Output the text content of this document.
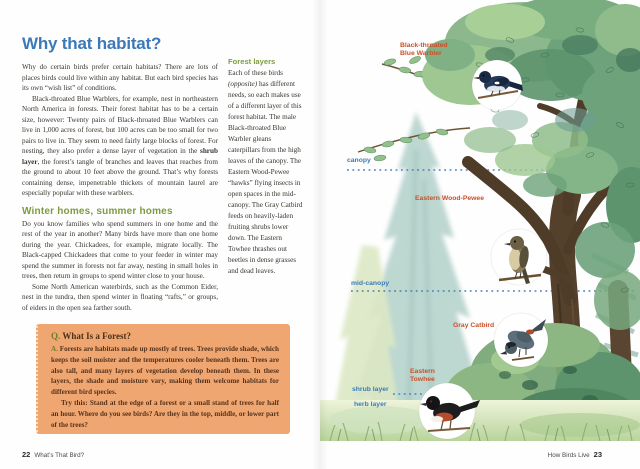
Why that habitat?

Why do certain birds prefer certain habitats? There are lots of places birds could live within any habitat. But each bird species has its own “wish list” of conditions.

Black-throated Blue Warblers, for example, nest in northeastern North America in forests. Their forest habitat has to be a certain size, however: Twenty pairs of Black-throated Blue Warblers can live in 1,000 acres of forest, but 100 acres can be too small for two pairs to live in. They seem to need fairly large blocks of forest. For nesting, they also prefer a dense layer of vegetation in the shrub layer, the forest’s tangle of branches and leaves that reaches from the ground to about 10 feet above the ground. That’s why forests containing dense, impenetrable thickets of mountain laurel are especially popular with these warblers.

Winter homes, summer homes

Do you know families who spend summers in one home and the rest of the year in another? Many birds have more than one home during the year. Chickadees, for example, migrate locally. The Black-capped Chickadees that come to your feeder in winter may spend the summer in forests not far away, nesting in small holes in trees, then return in groups to spend winter close to your house.

Some North American waterbirds, such as the Common Eider, nest in the tundra, then spend winter in floating “rafts,” or groups, of eiders in the open sea farther south.

Forest layers

Each of these birds (opposite) has different needs, so each makes use of a different layer of this forest habitat. The male Black-throated Blue Warbler gleans caterpillars from the high leaves of the canopy. The Eastern Wood-Pewee “hawks” flying insects in open spaces in the mid-canopy. The Gray Catbird feeds on heavily-laden fruiting shrubs lower down. The Eastern Towhee thrashes out beetles in dense grasses and dead leaves.

Q. What Is a Forest?

A. Forests are habitats made up mostly of trees. Trees provide shade, which keeps the soil moister and the temperatures cooler beneath them. Trees are also tall, and many layers of vegetation develop beneath them. In these layers, the shade and moisture vary, making them welcome habitats for different bird species.

Try this: Stand at the edge of a forest or a small stand of trees for half an hour. Where do you see birds? Are they in the top, middle, or lower part of the trees?

22 What’s That Bird?
Black-throated Blue Warbler
Eastern Wood-Pewee
Gray Catbird
Eastern Towhee
canopy
mid-canopy
shrub layer
herb layer
How Birds Live 23
